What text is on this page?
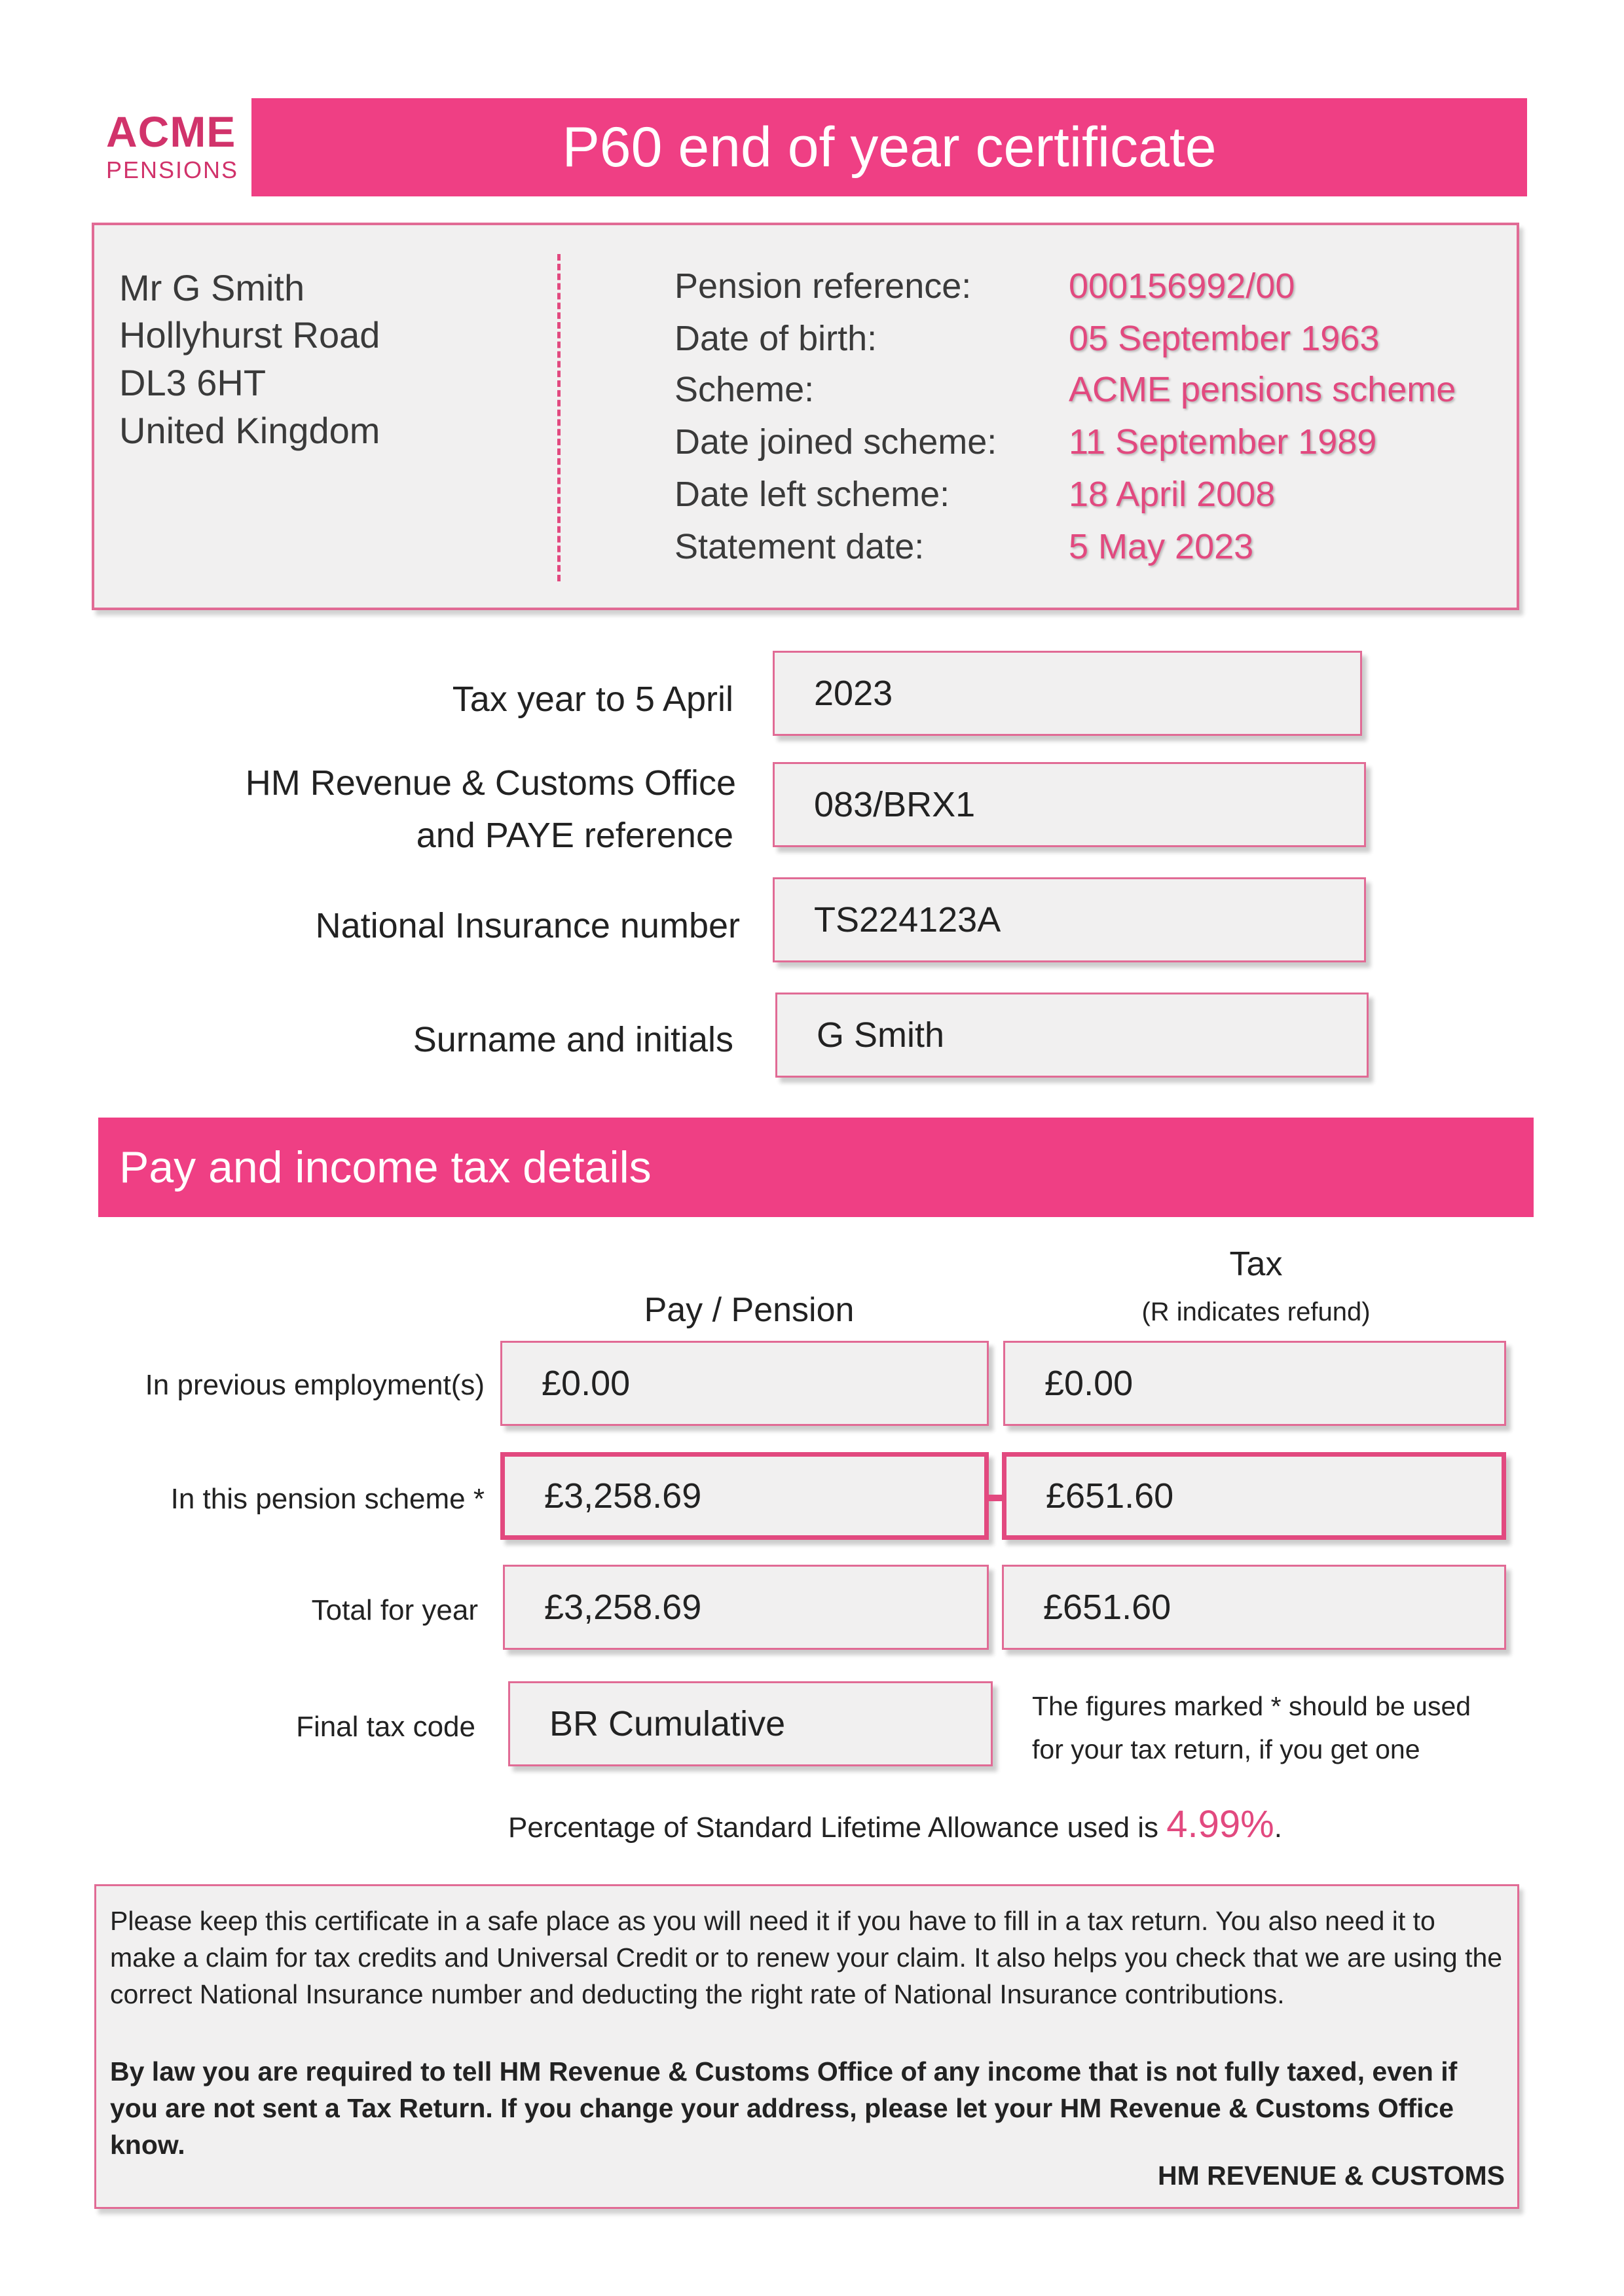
ACME
PENSIONS	P60 end of year certificate
Mr G Smith
Hollyhurst Road
DL3 6HT
United Kingdom
Pension reference:	000156992/00
Date of birth:	05 September 1963
Scheme:	ACME pensions scheme
Date joined scheme: 11 September 1989
Date left scheme:	18 April 2008
Statement date:	5 May 2023
Tax year to 5 April 2023
HM Revenue & Customs Office
and PAYE reference
083/BRX1
National Insurance number TS224123A
Surname and initials G Smith
Pay and income tax details
Pay / Pension
Tax
(R indicates refund)
In previous employment(s) £0.00	£0.00
In this pension scheme * £3,258.69	£651.60
Total for year £3,258.69	£651.60
Final tax code BR Cumulative	The figures marked * should be used
for your tax return, if you get one
Percentage of Standard Lifetime Allowance used is 4.99%.
Please keep this certificate in a safe place as you will need it if you have to fill in a tax return. You also need it to make a claim for tax credits and Universal Credit or to renew your claim. It also helps you check that we are using the correct National Insurance number and deducting the right rate of National Insurance contributions.
By law you are required to tell HM Revenue & Customs Office of any income that is not fully taxed, even if you are not sent a Tax Return. If you change your address, please let your HM Revenue & Customs Office know.
HM REVENUE & CUSTOMS
